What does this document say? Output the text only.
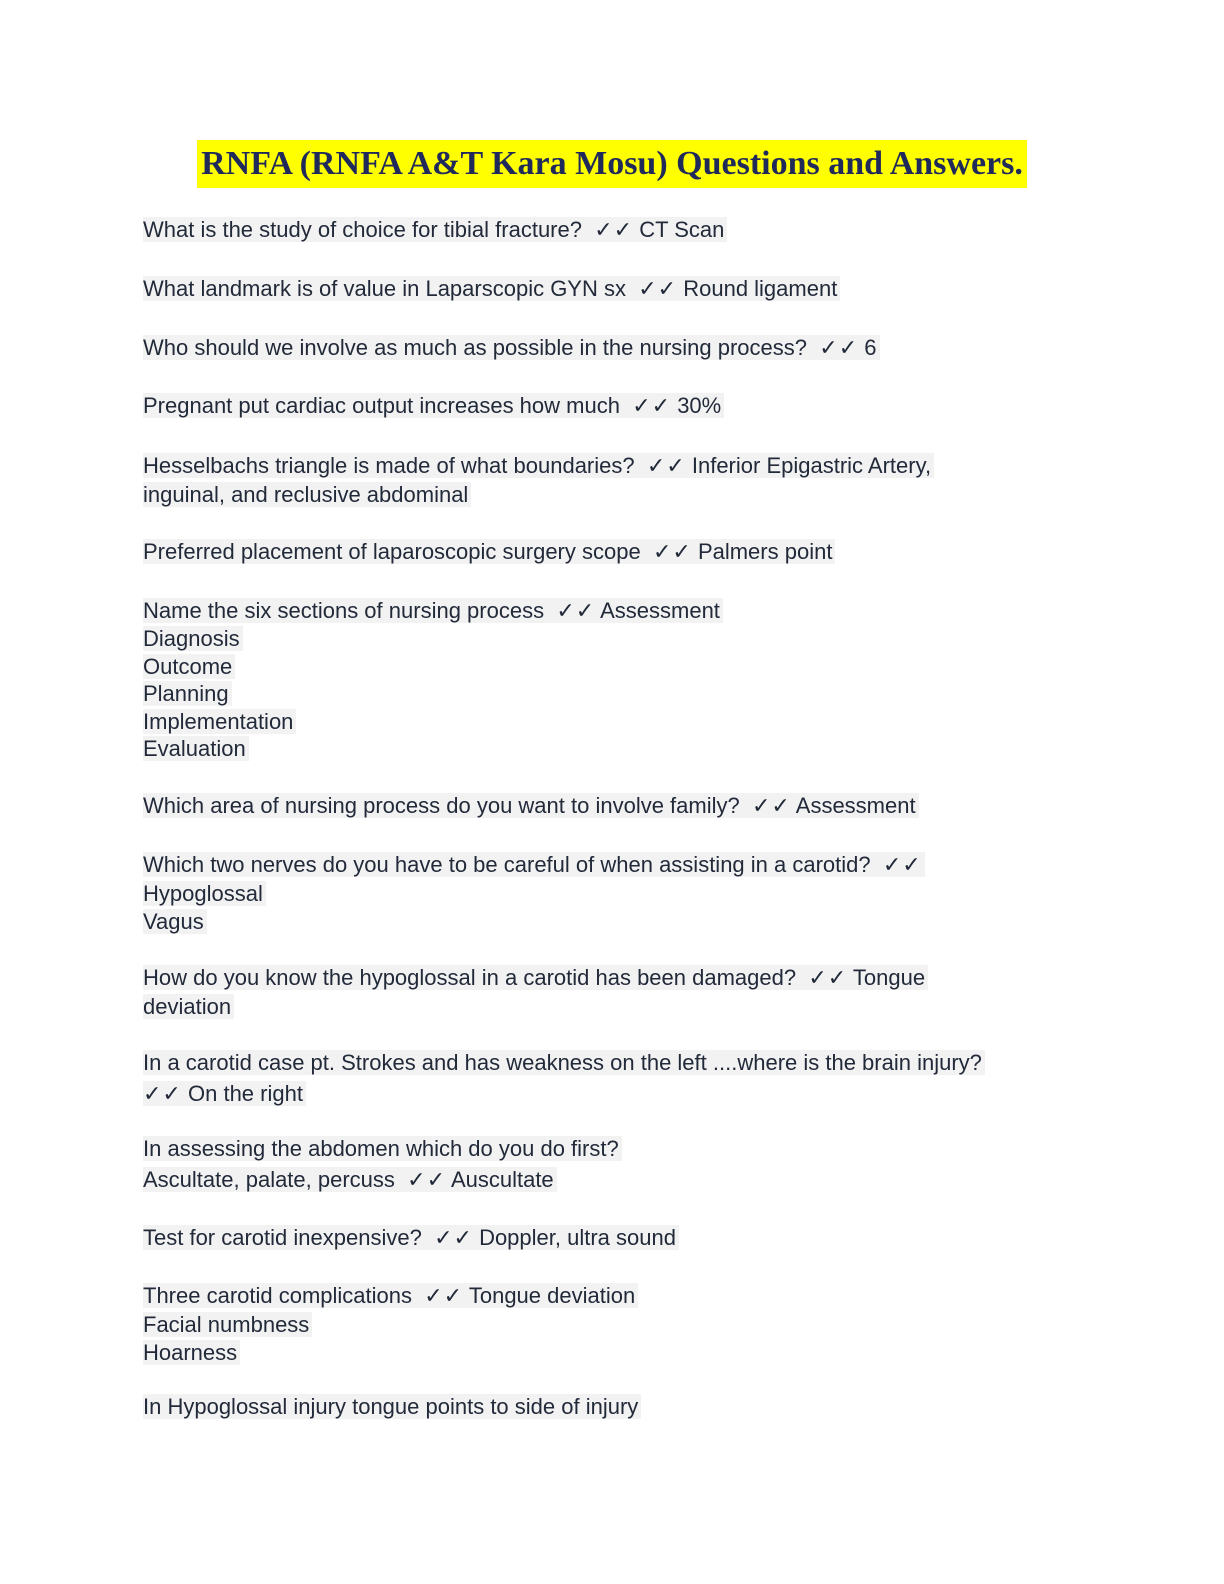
RNFA (RNFA A&T Kara Mosu) Questions and Answers.
What is the study of choice for tibial fracture? ✓✓ CT Scan
What landmark is of value in Laparscopic GYN sx ✓✓ Round ligament
Who should we involve as much as possible in the nursing process? ✓✓ 6
Pregnant put cardiac output increases how much ✓✓ 30%
Hesselbachs triangle is made of what boundaries? ✓✓ Inferior Epigastric Artery,
inguinal, and reclusive abdominal
Preferred placement of laparoscopic surgery scope ✓✓ Palmers point
Name the six sections of nursing process ✓✓ Assessment
Diagnosis
Outcome
Planning
Implementation
Evaluation
Which area of nursing process do you want to involve family? ✓✓ Assessment
Which two nerves do you have to be careful of when assisting in a carotid? ✓✓
Hypoglossal
Vagus
How do you know the hypoglossal in a carotid has been damaged? ✓✓ Tongue
deviation
In a carotid case pt. Strokes and has weakness on the left ....where is the brain injury?
✓✓ On the right
In assessing the abdomen which do you do first?
Ascultate, palate, percuss ✓✓ Auscultate
Test for carotid inexpensive? ✓✓ Doppler, ultra sound
Three carotid complications ✓✓ Tongue deviation
Facial numbness
Hoarness
In Hypoglossal injury tongue points to side of injury
